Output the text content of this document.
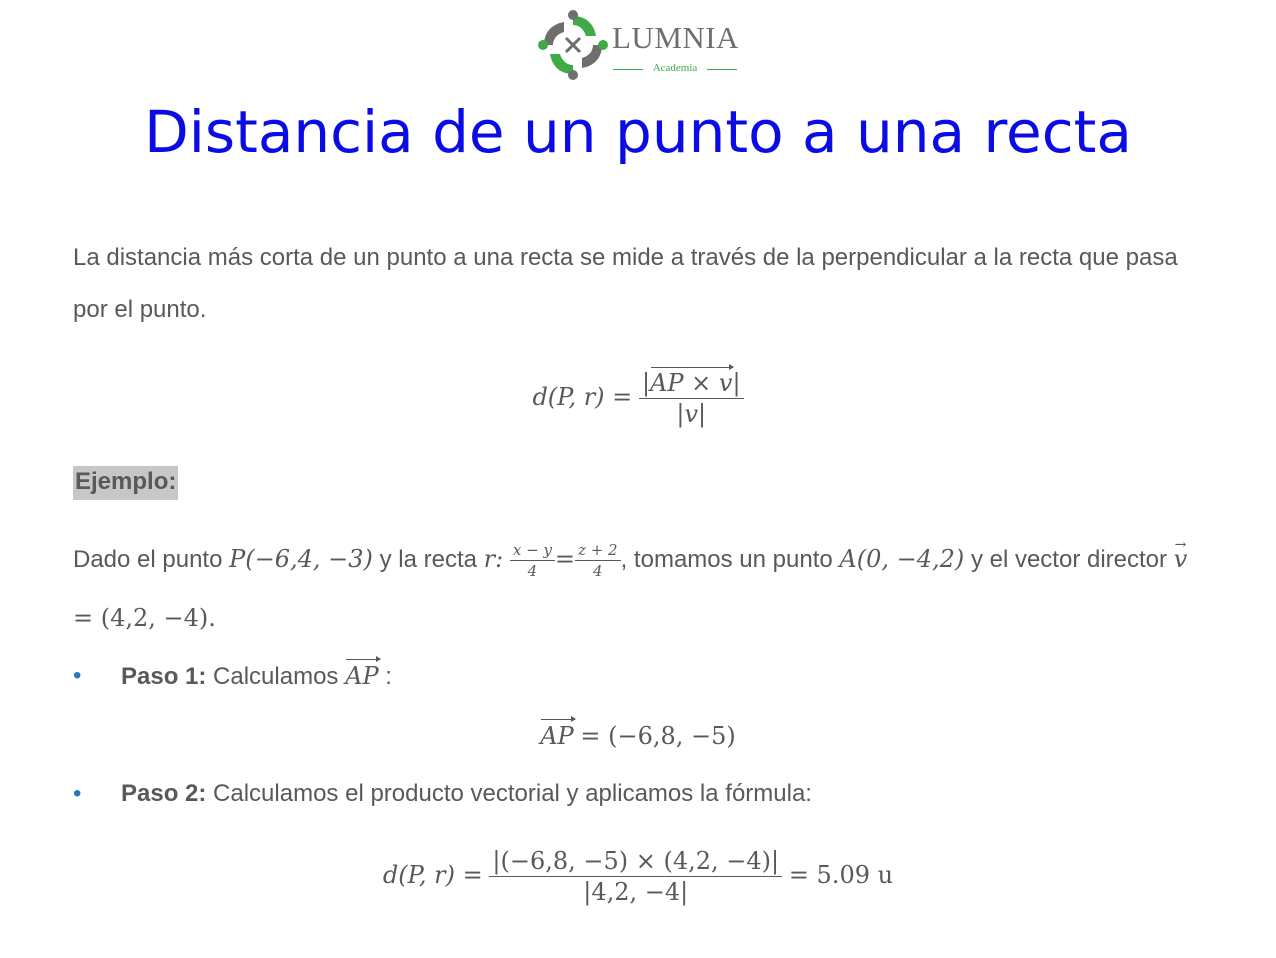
LUMNIA
Academia
Distancia de un punto a una recta

La distancia más corta de un punto a una recta se mide a través de la perpendicular a la recta que pasa por el punto.

d(P, $r) = \frac{|AP \times v|}{|v|}$
Ejemplo:

Dado el punto P(−6,4, −3) y la recta r: $\frac{x - y}{4} = \frac{z + 2}{4}$ , tomamos un punto A(0, −4,2) y el vector director v →
= (4,2, −4).

• Paso 1: Calculamos AP :
AP = (−6,8, −5)
• Paso 2: Calculamos el producto vectorial y aplicamos la fórmula:
d(P, $r) = \frac{|(-6,8, -5) \times (4,2, -4)|}{|4,2, -4|} = 5.09$ u
